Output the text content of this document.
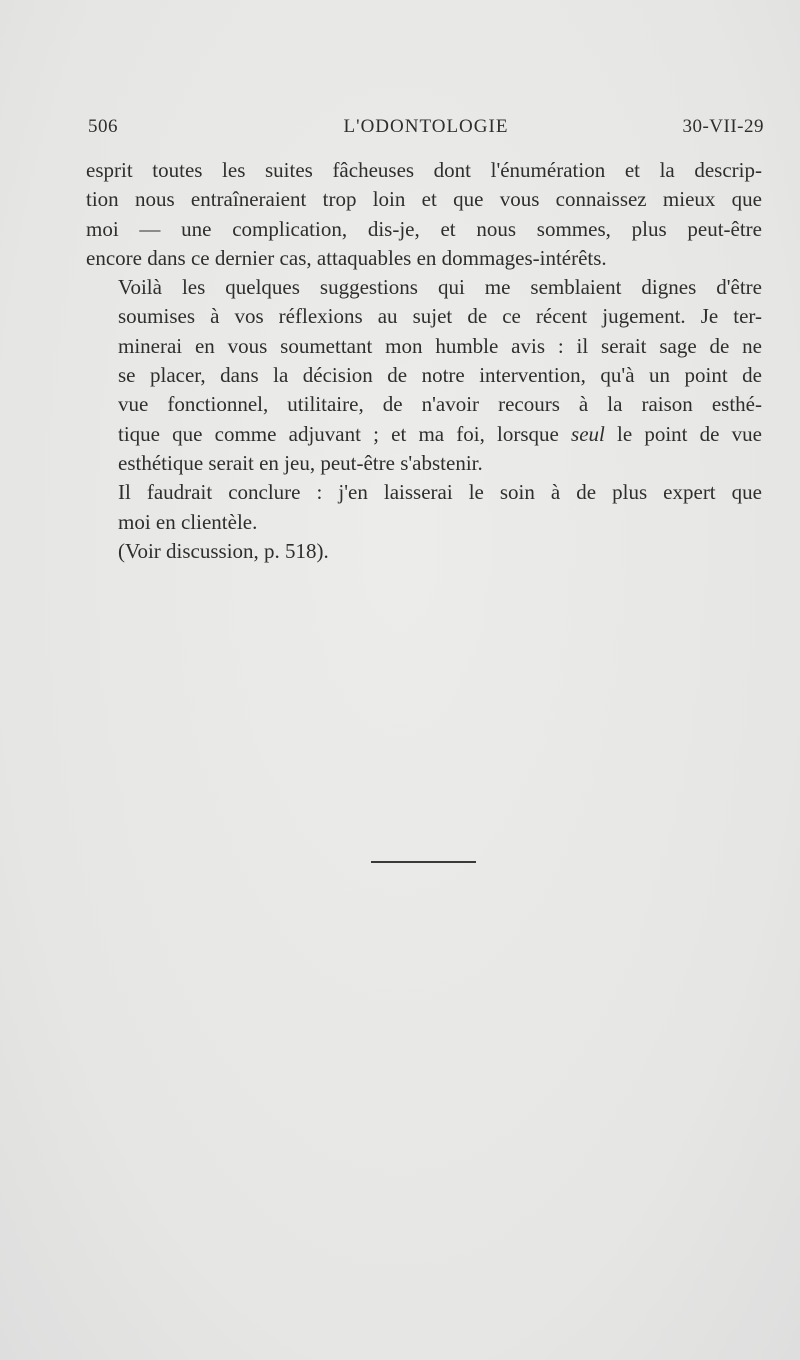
506	L'ODONTOLOGIE	30-VII-29

esprit toutes les suites fâcheuses dont l'énumération et la descrip-
tion nous entraîneraient trop loin et que vous connaissez mieux que
moi — une complication, dis-je, et nous sommes, plus peut-être
encore dans ce dernier cas, attaquables en dommages-intérêts.

Voilà les quelques suggestions qui me semblaient dignes d'être
soumises à vos réflexions au sujet de ce récent jugement. Je ter-
minerai en vous soumettant mon humble avis : il serait sage de ne
se placer, dans la décision de notre intervention, qu'à un point de
vue fonctionnel, utilitaire, de n'avoir recours à la raison esthé-
tique que comme adjuvant ; et ma foi, lorsque seul le point de vue
esthétique serait en jeu, peut-être s'abstenir.

Il faudrait conclure : j'en laisserai le soin à de plus expert que
moi en clientèle.

(Voir discussion, p. 518).
